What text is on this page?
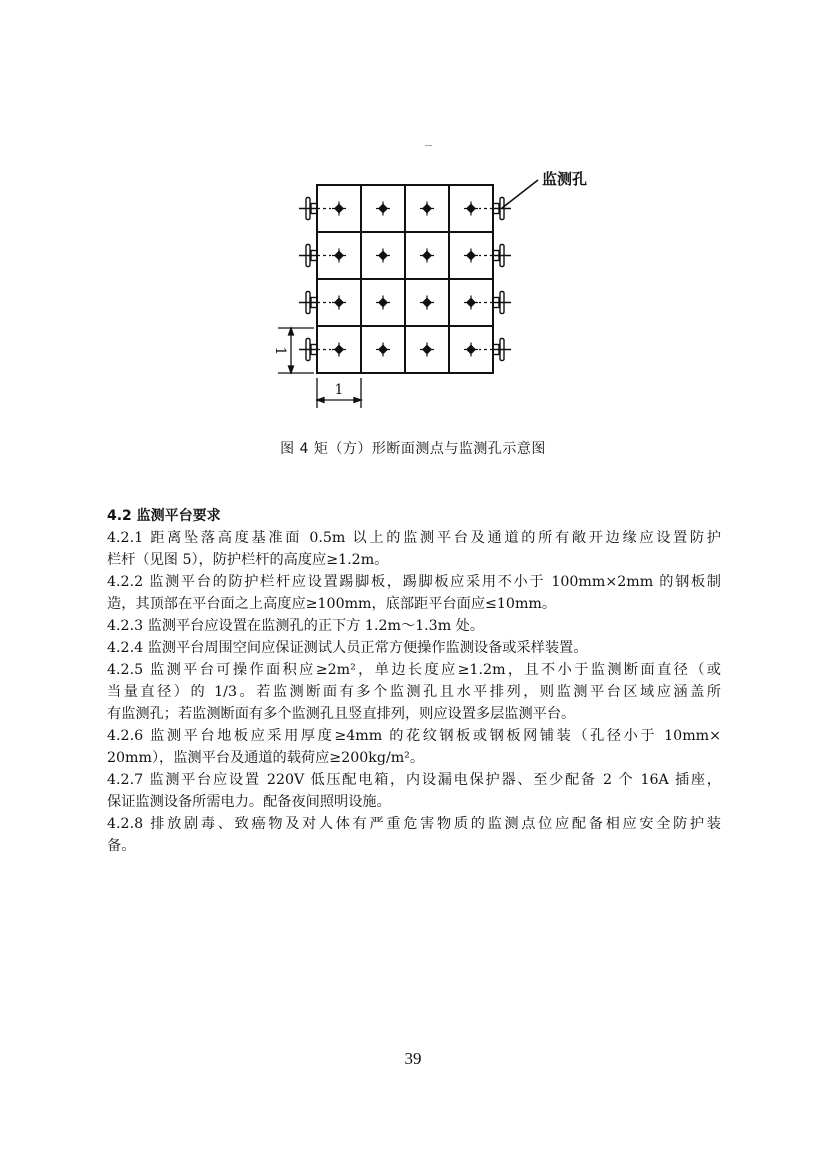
监测孔
1
1
图 4 矩（方）形断面测点与监测孔示意图
4.2 监测平台要求
4.2.1 距离坠落高度基准面 0.5m 以上的监测平台及通道的所有敞开边缘应设置防护
栏杆（见图 5），防护栏杆的高度应≥1.2m。
4.2.2 监测平台的防护栏杆应设置踢脚板，踢脚板应采用不小于 100mm×2mm 的钢板制
造，其顶部在平台面之上高度应≥100mm，底部距平台面应≤10mm。
4.2.3 监测平台应设置在监测孔的正下方 1.2m～1.3m 处。
4.2.4 监测平台周围空间应保证测试人员正常方便操作监测设备或采样装置。
4.2.5 监测平台可操作面积应≥2m²，单边长度应≥1.2m，且不小于监测断面直径（或
当量直径）的 1/3。若监测断面有多个监测孔且水平排列，则监测平台区域应涵盖所
有监测孔；若监测断面有多个监测孔且竖直排列，则应设置多层监测平台。
4.2.6 监测平台地板应采用厚度≥4mm 的花纹钢板或钢板网铺装（孔径小于 10mm×
20mm），监测平台及通道的载荷应≥200kg/m²。
4.2.7 监测平台应设置 220V 低压配电箱，内设漏电保护器、至少配备 2 个 16A 插座，
保证监测设备所需电力。配备夜间照明设施。
4.2.8 排放剧毒、致癌物及对人体有严重危害物质的监测点位应配备相应安全防护装
备。
39
